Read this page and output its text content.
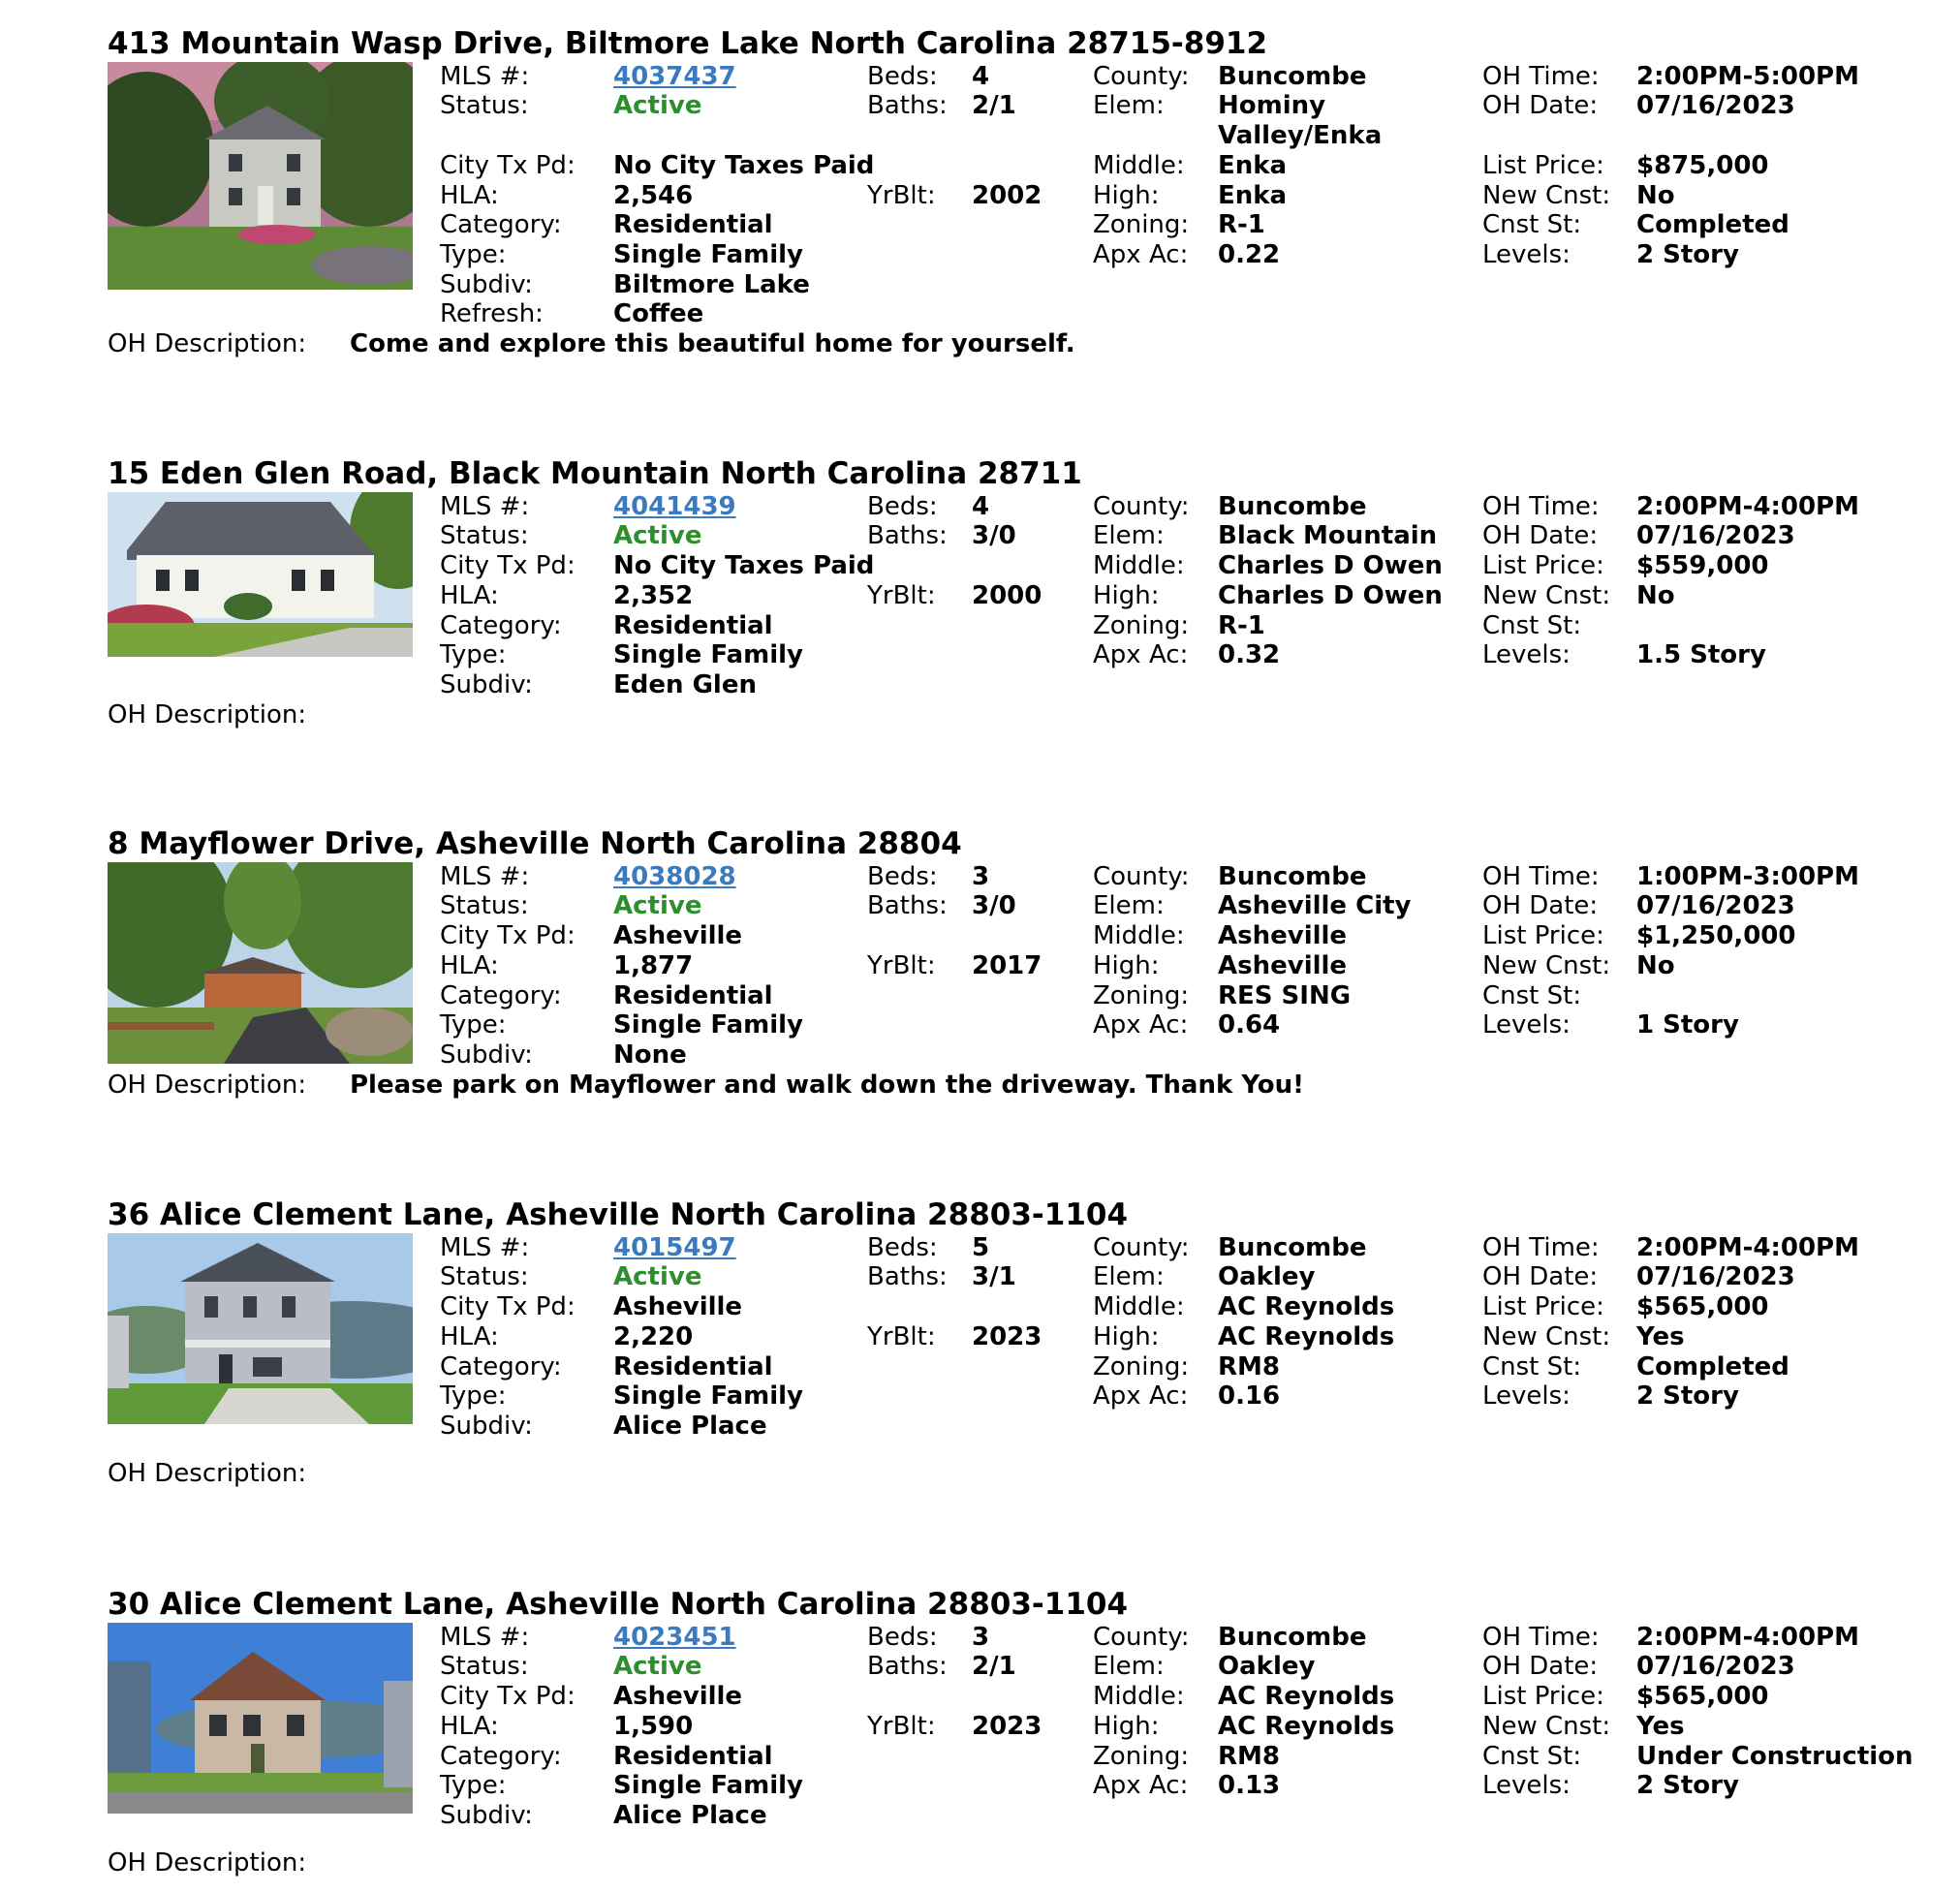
413 Mountain Wasp Drive, Biltmore Lake North Carolina 28715-8912
MLS #:	4037437
Status:	Active
City Tx Pd: No City Taxes Paid
HLA:	2,546
Category: Residential
Type:	Single Family
Subdiv:	Biltmore Lake
Refresh:	Coffee
Beds: 4
Baths: 2/1
YrBlt: 2002
County: Buncombe
Elem: Hominy
Valley/Enka
Middle: Enka
High: Enka
Zoning: R-1
Apx Ac: 0.22
OH Time: 2:00PM-5:00PM
OH Date: 07/16/2023
List Price: $875,000
New Cnst: No
Cnst St: Completed
Levels:	2 Story
OH Description: Come and explore this beautiful home for yourself.
15 Eden Glen Road, Black Mountain North Carolina 28711
MLS #:	4041439
Status:	Active
City Tx Pd: No City Taxes Paid
HLA:	2,352
Category: Residential
Type:	Single Family
Subdiv:	Eden Glen
Beds: 4
Baths: 3/0
YrBlt: 2000
County: Buncombe
Elem: Black Mountain
Middle: Charles D Owen
High: Charles D Owen
Zoning: R-1
Apx Ac: 0.32
OH Time: 2:00PM-4:00PM
OH Date: 07/16/2023
List Price: $559,000
New Cnst: No
Cnst St:
Levels:	1.5 Story
OH Description:
8 Mayflower Drive, Asheville North Carolina 28804
MLS #:	4038028
Status:	Active
City Tx Pd: Asheville
HLA:	1,877
Category: Residential
Type:	Single Family
Subdiv:	None
Beds: 3
Baths: 3/0
YrBlt: 2017
County: Buncombe
Elem: Asheville City
Middle: Asheville
High: Asheville
Zoning: RES SING
Apx Ac: 0.64
OH Time: 1:00PM-3:00PM
OH Date: 07/16/2023
List Price: $1,250,000
New Cnst: No
Cnst St:
Levels:	1 Story
OH Description: Please park on Mayflower and walk down the driveway. Thank You!
36 Alice Clement Lane, Asheville North Carolina 28803-1104
MLS #:	4015497
Status:	Active
City Tx Pd: Asheville
HLA:	2,220
Category: Residential
Type:	Single Family
Subdiv:	Alice Place
Beds: 5
Baths: 3/1
YrBlt: 2023
County: Buncombe
Elem: Oakley
Middle: AC Reynolds
High: AC Reynolds
Zoning: RM8
Apx Ac: 0.16
OH Time: 2:00PM-4:00PM
OH Date: 07/16/2023
List Price: $565,000
New Cnst: Yes
Cnst St: Completed
Levels:	2 Story
OH Description:
30 Alice Clement Lane, Asheville North Carolina 28803-1104
MLS #:	4023451
Status:	Active
City Tx Pd: Asheville
HLA:	1,590
Category: Residential
Type:	Single Family
Subdiv:	Alice Place
Beds: 3
Baths: 2/1
YrBlt: 2023
County: Buncombe
Elem: Oakley
Middle: AC Reynolds
High: AC Reynolds
Zoning: RM8
Apx Ac: 0.13
OH Time: 2:00PM-4:00PM
OH Date: 07/16/2023
List Price: $565,000
New Cnst: Yes
Cnst St: Under Construction
Levels:	2 Story
OH Description:
